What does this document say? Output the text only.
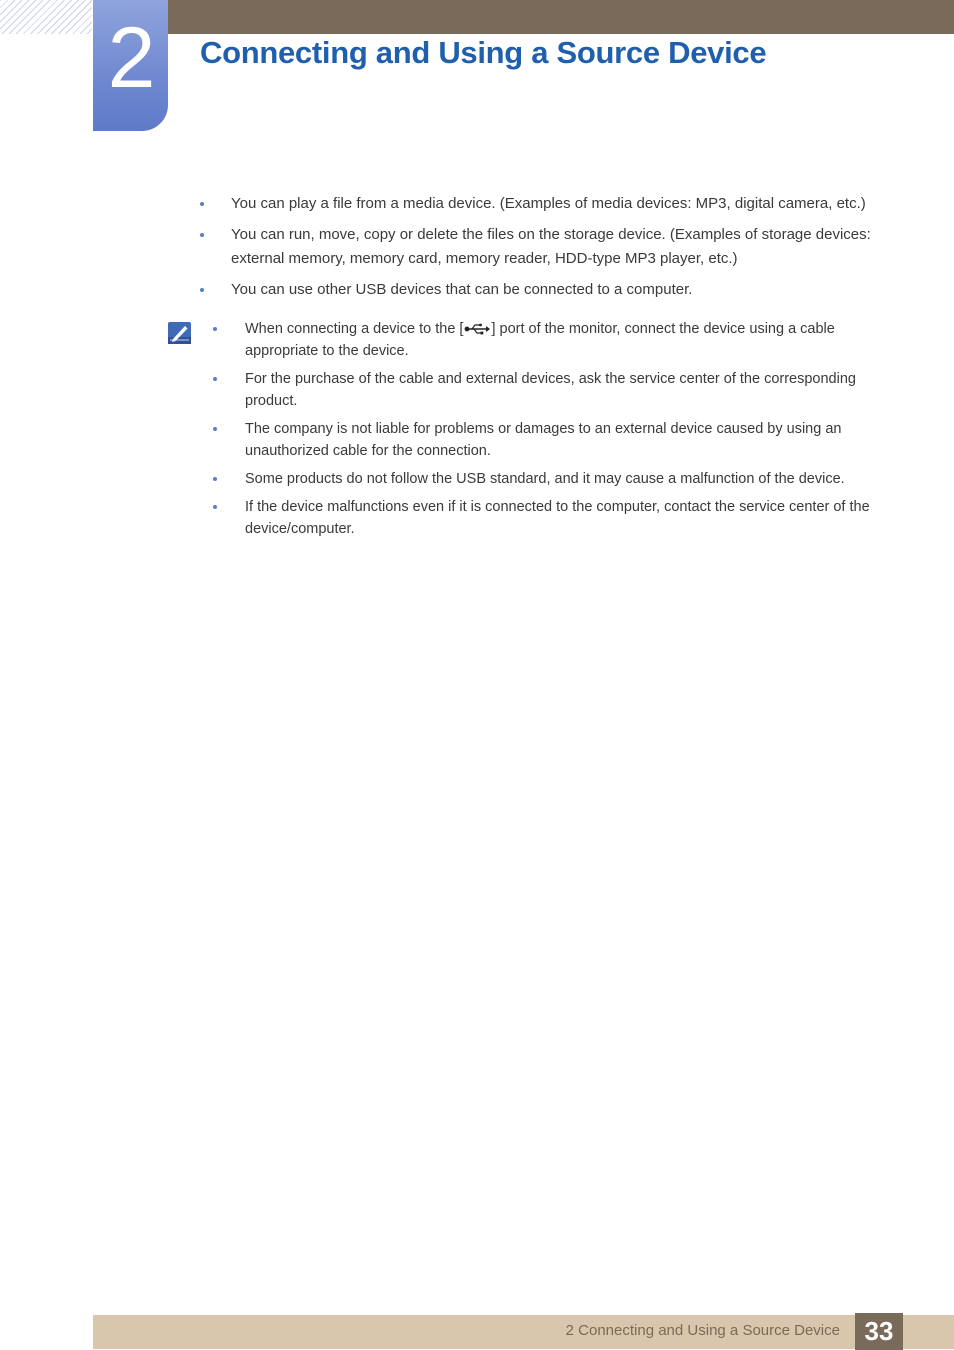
2	Connecting and Using a Source Device
You can play a file from a media device. (Examples of media devices: MP3, digital camera, etc.)
You can run, move, copy or delete the files on the storage device. (Examples of storage devices: external memory, memory card, memory reader, HDD-type MP3 player, etc.)
You can use other USB devices that can be connected to a computer.
When connecting a device to the [ ] port of the monitor, connect the device using a cable appropriate to the device.
For the purchase of the cable and external devices, ask the service center of the corresponding product.
The company is not liable for problems or damages to an external device caused by using an unauthorized cable for the connection.
Some products do not follow the USB standard, and it may cause a malfunction of the device.
If the device malfunctions even if it is connected to the computer, contact the service center of the device/computer.
2 Connecting and Using a Source Device 33
